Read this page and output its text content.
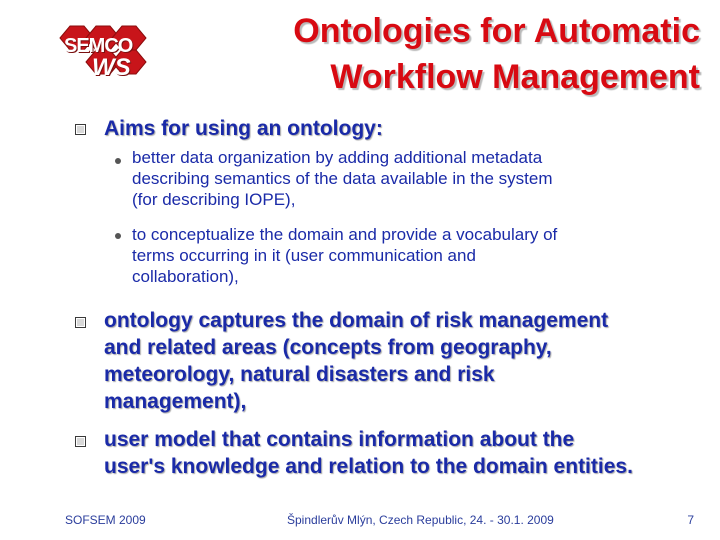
SEMCO
WS
Ontologies for Automatic
Workflow Management
Aims for using an ontology:
better data organization by adding additional metadata
describing semantics of the data available in the system
(for describing IOPE),
to conceptualize the domain and provide a vocabulary of
terms occurring in it (user communication and
collaboration),
ontology captures the domain of risk management
and related areas (concepts from geography,
meteorology, natural disasters and risk
management),
user model that contains information about the
user's knowledge and relation to the domain entities.
SOFSEM 2009	Špindlerův Mlýn, Czech Republic, 24. - 30.1. 2009	7
